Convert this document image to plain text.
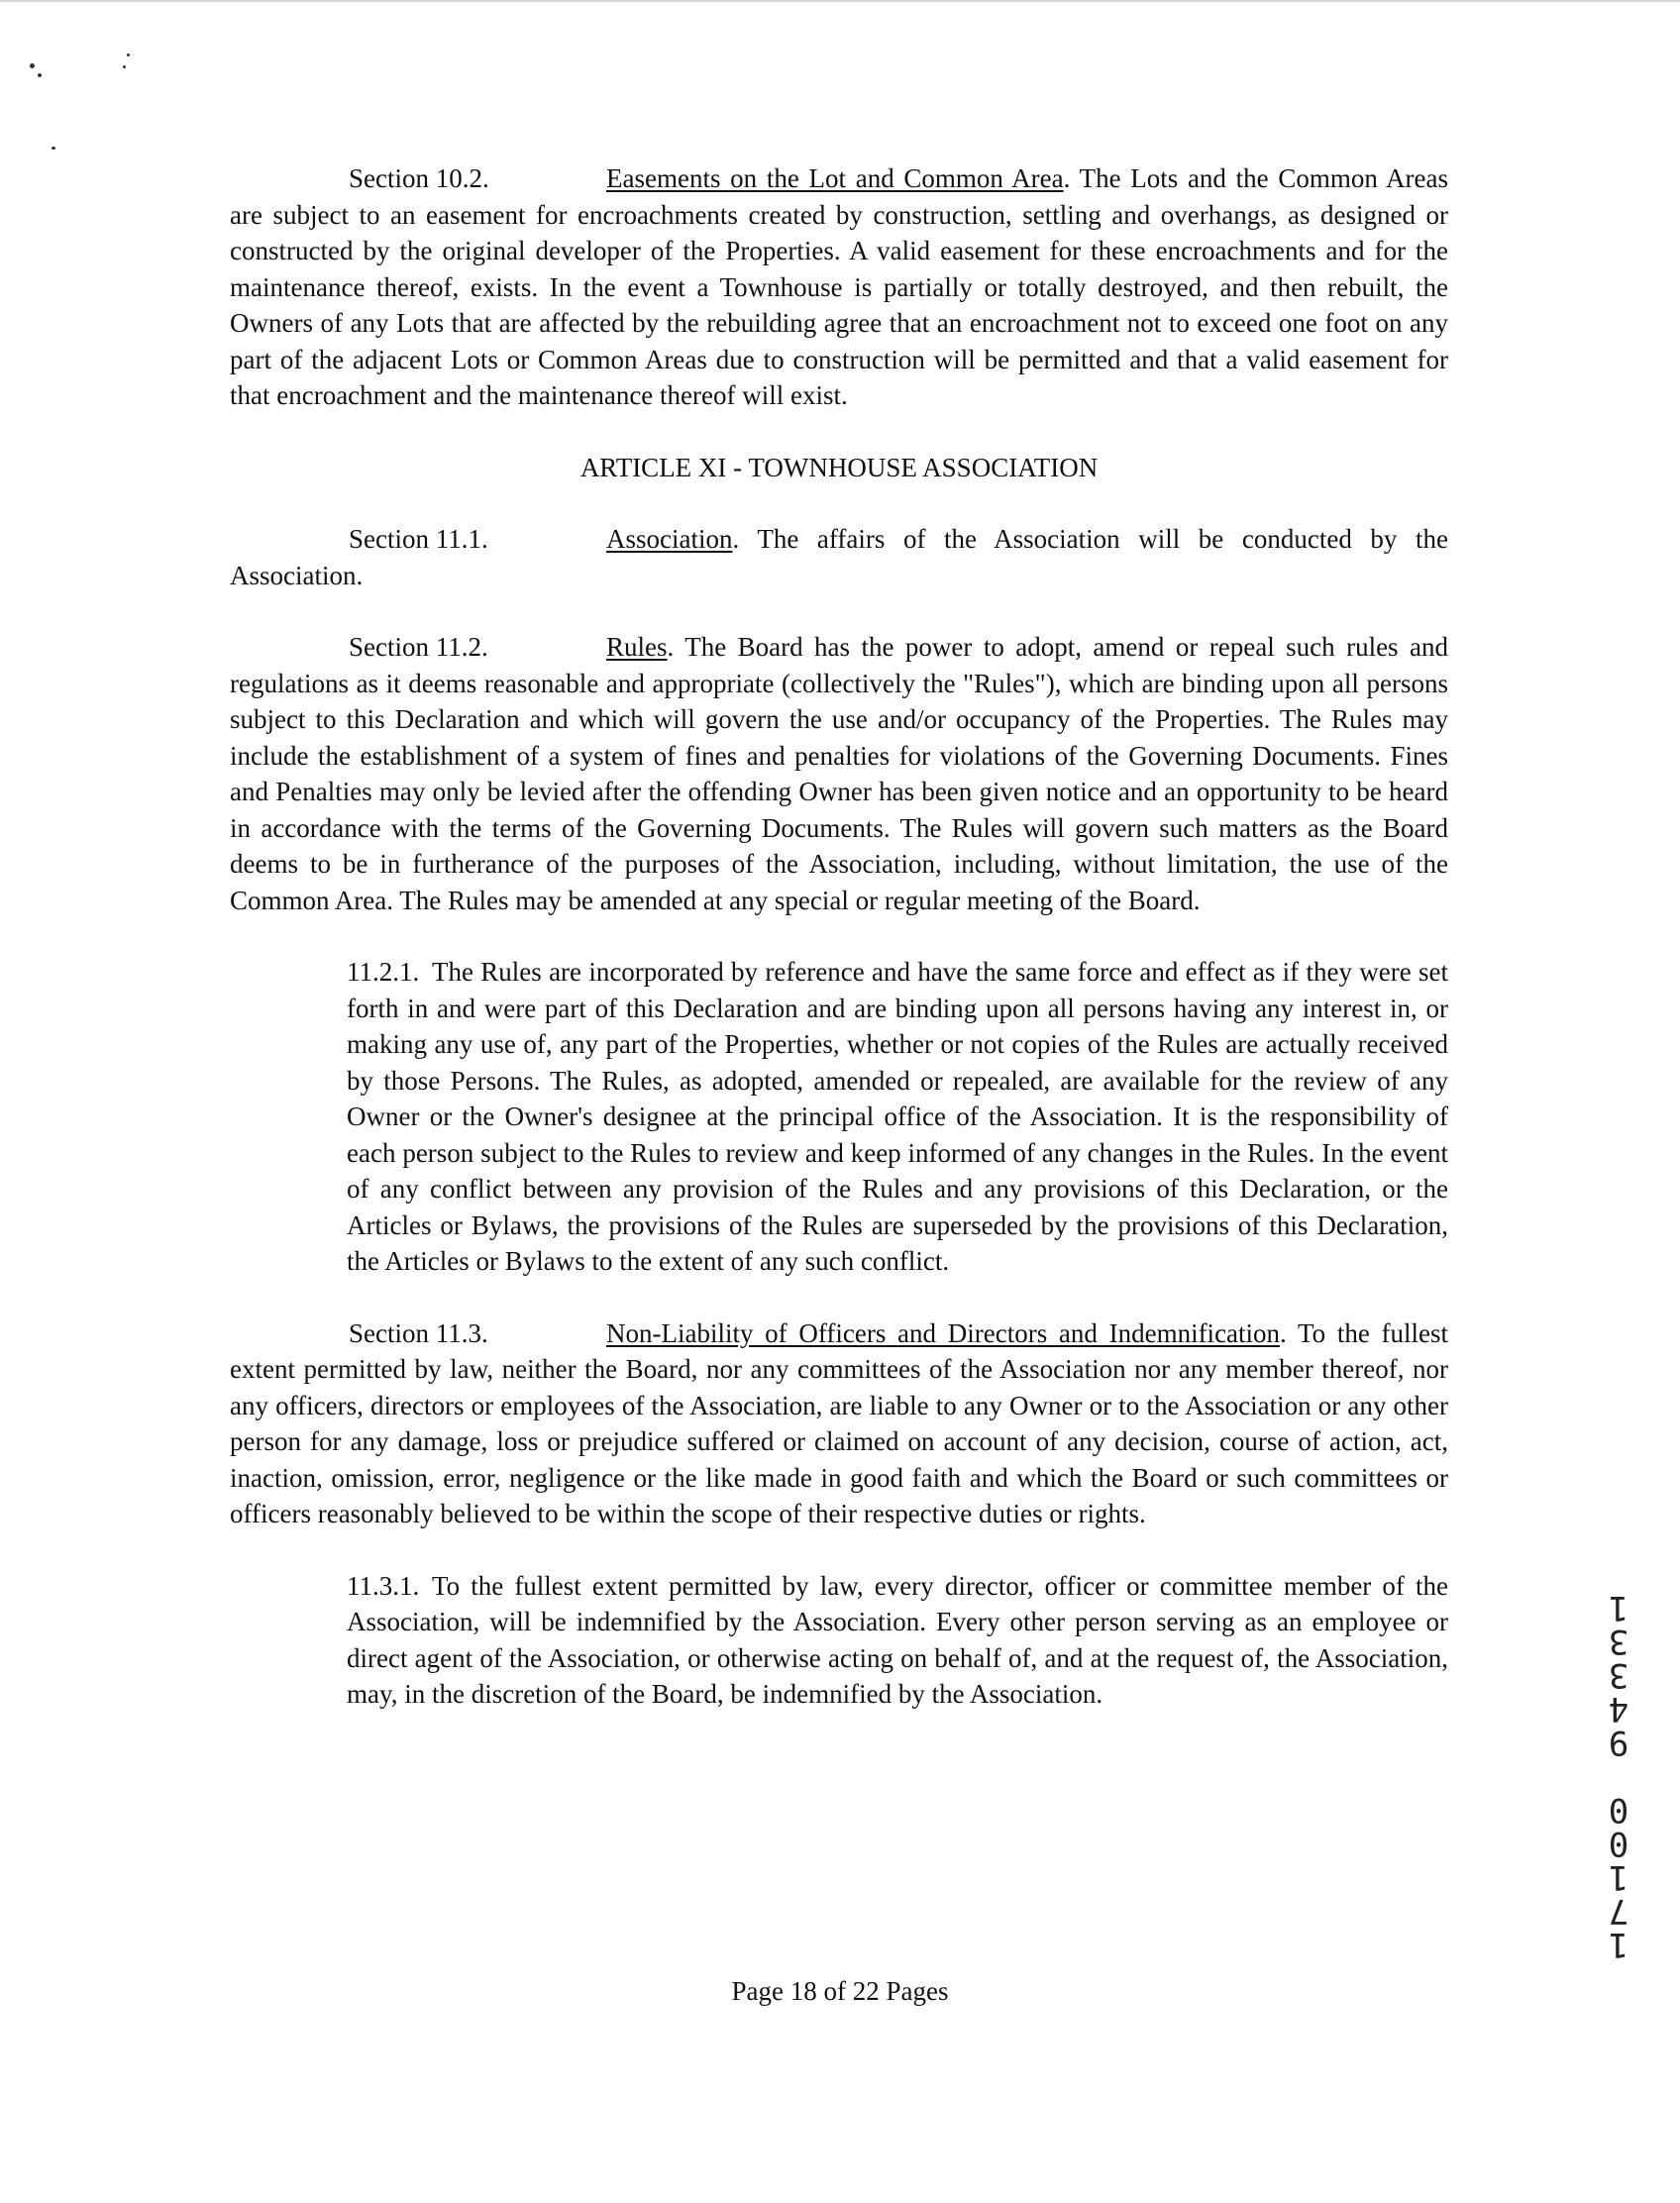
Section 10.2.	Easements on the Lot and Common Area. The Lots and the Common Areas are subject to an easement for encroachments created by construction, settling and overhangs, as designed or constructed by the original developer of the Properties. A valid easement for these encroachments and for the maintenance thereof, exists. In the event a Townhouse is partially or totally destroyed, and then rebuilt, the Owners of any Lots that are affected by the rebuilding agree that an encroachment not to exceed one foot on any part of the adjacent Lots or Common Areas due to construction will be permitted and that a valid easement for that encroachment and the maintenance thereof will exist.

ARTICLE XI - TOWNHOUSE ASSOCIATION

Section 11.1.	Association. The affairs of the Association will be conducted by the Association.

Section 11.2.	Rules. The Board has the power to adopt, amend or repeal such rules and regulations as it deems reasonable and appropriate (collectively the "Rules"), which are binding upon all persons subject to this Declaration and which will govern the use and/or occupancy of the Properties. The Rules may include the establishment of a system of fines and penalties for violations of the Governing Documents. Fines and Penalties may only be levied after the offending Owner has been given notice and an opportunity to be heard in accordance with the terms of the Governing Documents. The Rules will govern such matters as the Board deems to be in furtherance of the purposes of the Association, including, without limitation, the use of the Common Area. The Rules may be amended at any special or regular meeting of the Board.

11.2.1. The Rules are incorporated by reference and have the same force and effect as if they were set forth in and were part of this Declaration and are binding upon all persons having any interest in, or making any use of, any part of the Properties, whether or not copies of the Rules are actually received by those Persons. The Rules, as adopted, amended or repealed, are available for the review of any Owner or the Owner's designee at the principal office of the Association. It is the responsibility of each person subject to the Rules to review and keep informed of any changes in the Rules. In the event of any conflict between any provision of the Rules and any provisions of this Declaration, or the Articles or Bylaws, the provisions of the Rules are superseded by the provisions of this Declaration, the Articles or Bylaws to the extent of any such conflict.

Section 11.3.	Non-Liability of Officers and Directors and Indemnification. To the fullest extent permitted by law, neither the Board, nor any committees of the Association nor any member thereof, nor any officers, directors or employees of the Association, are liable to any Owner or to the Association or any other person for any damage, loss or prejudice suffered or claimed on account of any decision, course of action, act, inaction, omission, error, negligence or the like made in good faith and which the Board or such committees or officers reasonably believed to be within the scope of their respective duties or rights.

11.3.1. To the fullest extent permitted by law, every director, officer or committee member of the Association, will be indemnified by the Association. Every other person serving as an employee or direct agent of the Association, or otherwise acting on behalf of, and at the request of, the Association, may, in the discretion of the Board, be indemnified by the Association.

Page 18 of 22 Pages
1
7
1
0
0
9
4
3
3
1
